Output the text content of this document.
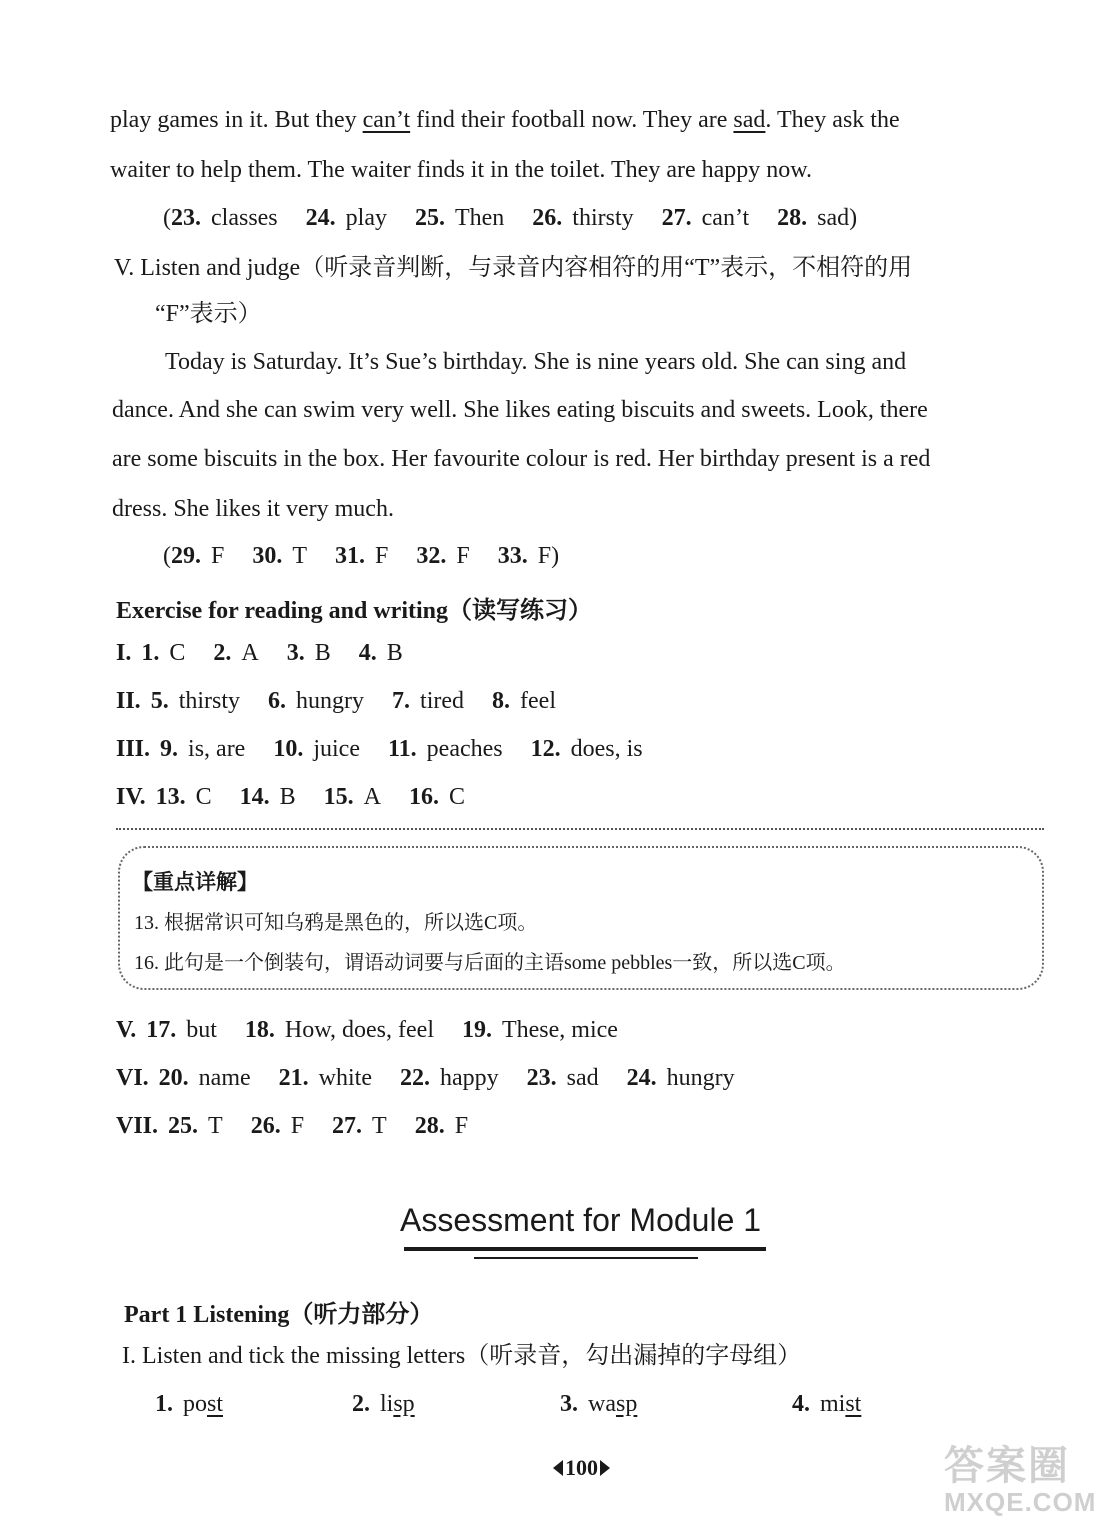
play games in it. But they can’t find their football now. They are sad. They ask the
waiter to help them. The waiter finds it in the toilet. They are happy now.
(23. classes 24. play 25. Then 26. thirsty 27. can’t 28. sad)
V. Listen and judge（听录音判断，与录音内容相符的用“T”表示，不相符的用
“F”表示）
Today is Saturday. It’s Sue’s birthday. She is nine years old. She can sing and
dance. And she can swim very well. She likes eating biscuits and sweets. Look, there
are some biscuits in the box. Her favourite colour is red. Her birthday present is a red
dress. She likes it very much.
(29. F 30. T 31. F 32. F 33. F)
Exercise for reading and writing（读写练习）
I. 1. C 2. A 3. B 4. B
II. 5. thirsty 6. hungry 7. tired 8. feel
III. 9. is, are 10. juice 11. peaches 12. does, is
IV. 13. C 14. B 15. A 16. C
【重点详解】
13. 根据常识可知乌鸦是黑色的，所以选C项。
16. 此句是一个倒装句，谓语动词要与后面的主语some pebbles一致，所以选C项。
V. 17. but 18. How, does, feel 19. These, mice
VI. 20. name 21. white 22. happy 23. sad 24. hungry
VII. 25. T 26. F 27. T 28. F
Assessment for Module 1
Part 1 Listening（听力部分）
I. Listen and tick the missing letters（听录音，勾出漏掉的字母组）
1. post	2. lisp	3. wasp	4. mist
100	答案圈
MXQE.COM
